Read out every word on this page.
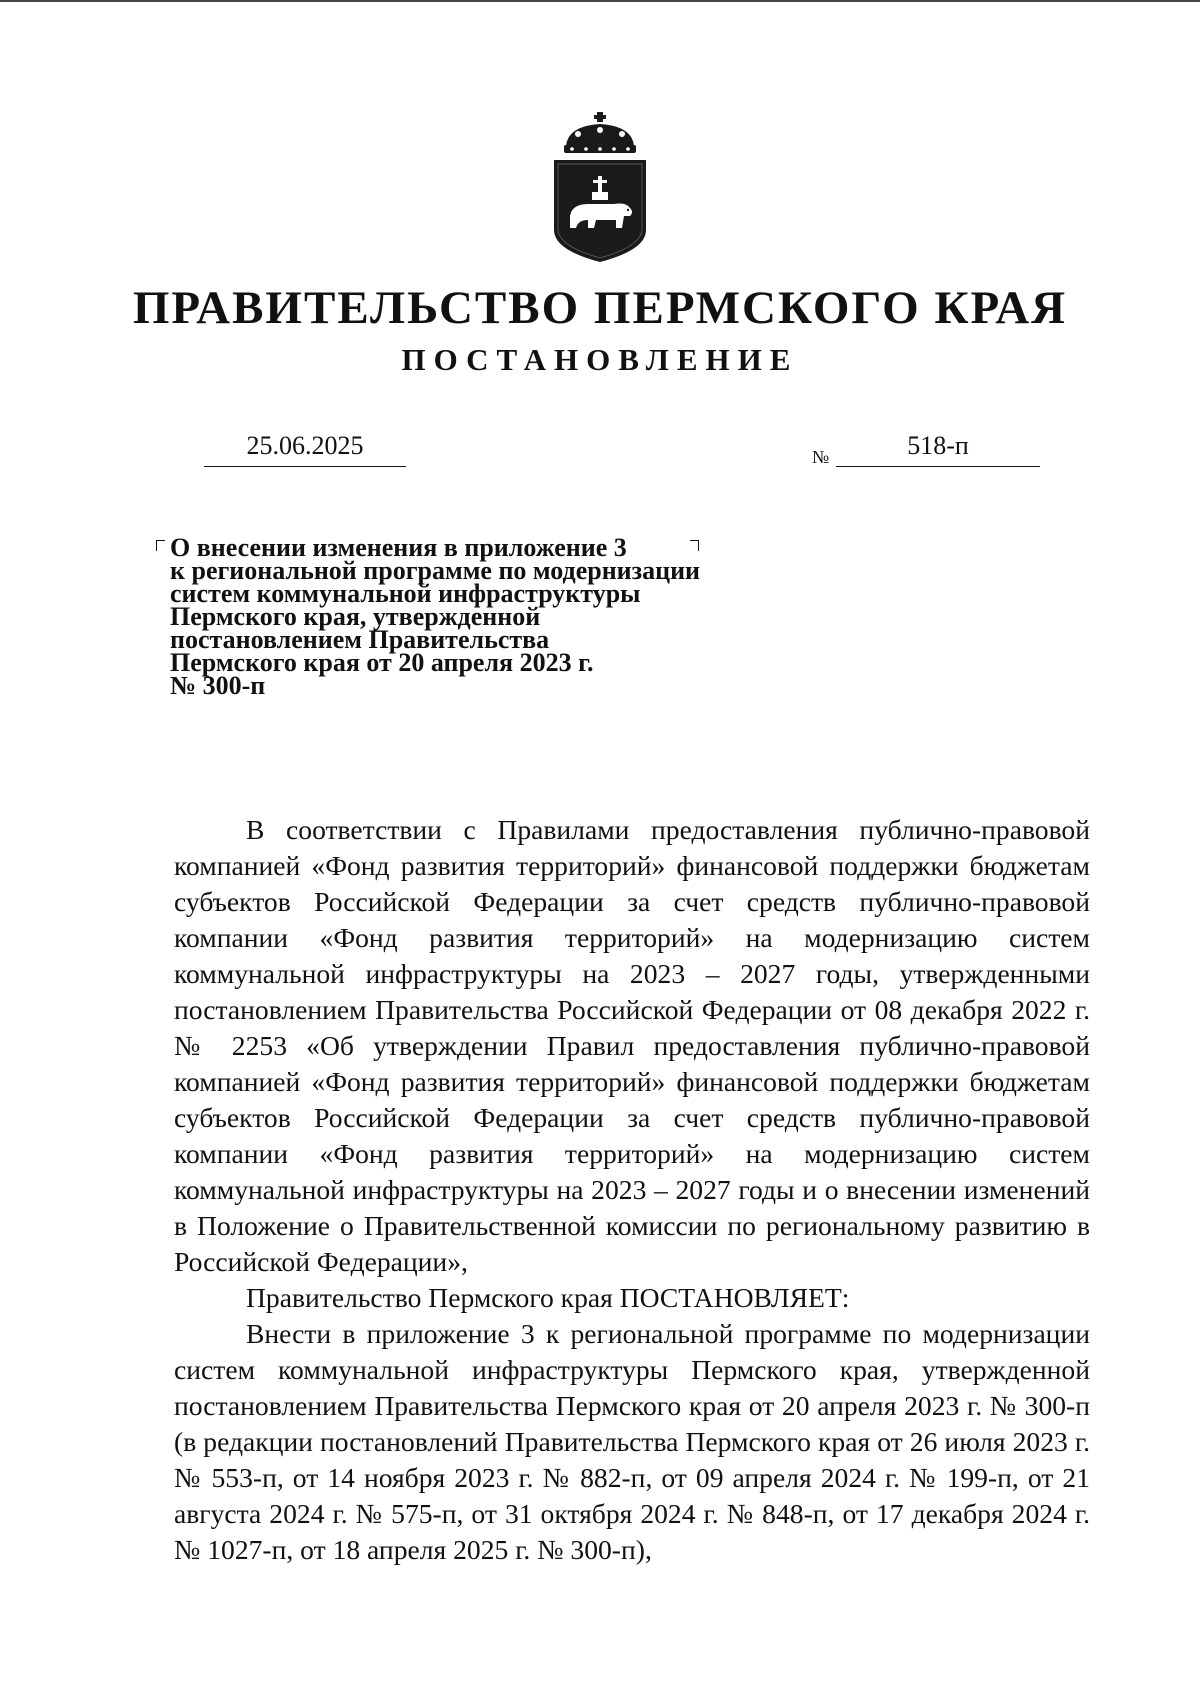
ПРАВИТЕЛЬСТВО ПЕРМСКОГО КРАЯ
ПОСТАНОВЛЕНИЕ
25.06.2025	№	518-п

О внесении изменения в приложение 3
к региональной программе по модернизации
систем коммунальной инфраструктуры
Пермского края, утвержденной
постановлением Правительства
Пермского края от 20 апреля 2023 г.
№ 300-п

В соответствии с Правилами предоставления публично-правовой компанией «Фонд развития территорий» финансовой поддержки бюджетам субъектов Российской Федерации за счет средств публично-правовой компании «Фонд развития территорий» на модернизацию систем коммунальной инфраструктуры на 2023 – 2027 годы, утвержденными постановлением Правительства Российской Федерации от 08 декабря 2022 г. № 2253 «Об утверждении Правил предоставления публично-правовой компанией «Фонд развития территорий» финансовой поддержки бюджетам субъектов Российской Федерации за счет средств публично-правовой компании «Фонд развития территорий» на модернизацию систем коммунальной инфраструктуры на 2023 – 2027 годы и о внесении изменений в Положение о Правительственной комиссии по региональному развитию в Российской Федерации»,

Правительство Пермского края ПОСТАНОВЛЯЕТ:

Внести в приложение 3 к региональной программе по модернизации систем коммунальной инфраструктуры Пермского края, утвержденной постановлением Правительства Пермского края от 20 апреля 2023 г. № 300-п (в редакции постановлений Правительства Пермского края от 26 июля 2023 г. № 553-п, от 14 ноября 2023 г. № 882-п, от 09 апреля 2024 г. № 199-п, от 21 августа 2024 г. № 575-п, от 31 октября 2024 г. № 848-п, от 17 декабря 2024 г. № 1027-п, от 18 апреля 2025 г. № 300-п),
